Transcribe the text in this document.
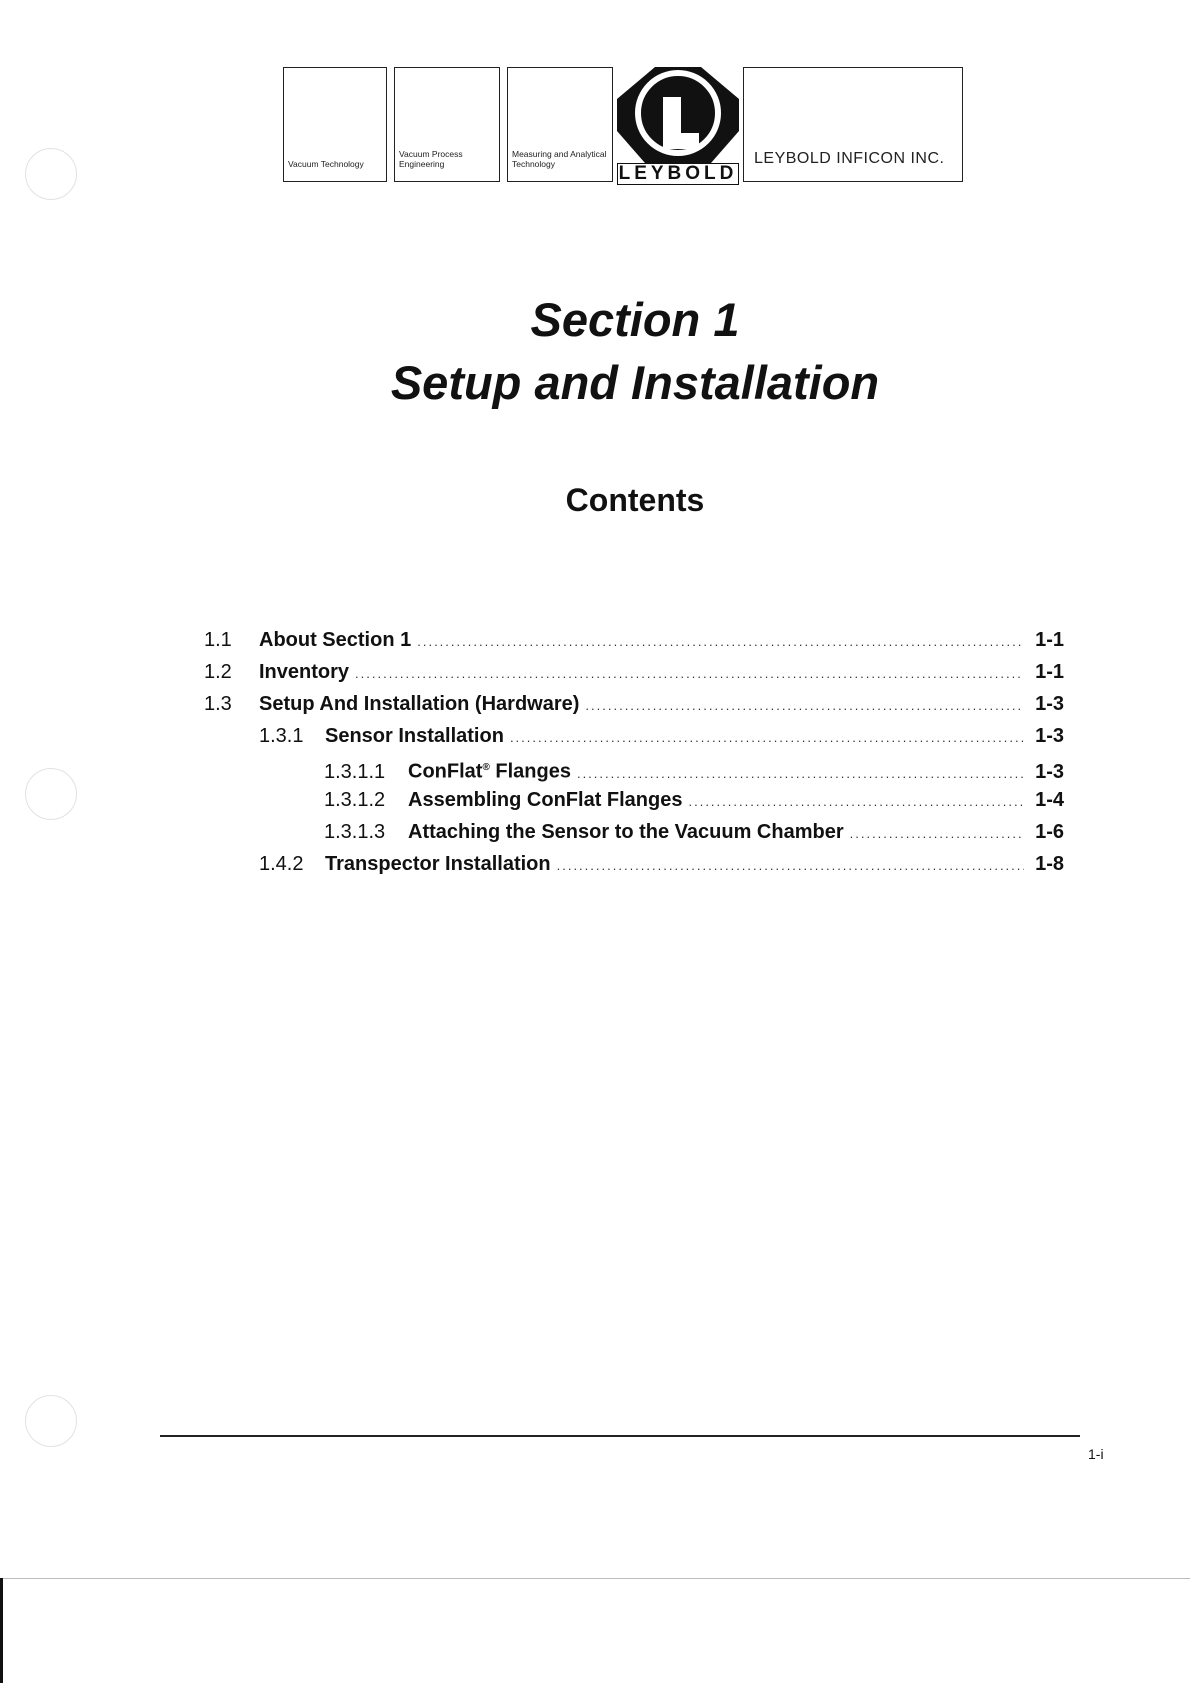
Vacuum Technology
Vacuum Process Engineering
Measuring and Analytical Technology	LEYBOLD
LEYBOLD INFICON INC.
Section 1
Setup and Installation
Contents
1.1	About Section 1 .....	1-1
1.2	Inventory .....	1-1
1.3	Setup And Installation (Hardware) .....	1-3
1.3.1	Sensor Installation .....	1-3
1.3.1.1	ConFlat® Flanges .....	1-3
1.3.1.2	Assembling ConFlat Flanges .....	1-4
1.3.1.3	Attaching the Sensor to the Vacuum Chamber .....	1-6
1.4.2	Transpector Installation .....	1-8
1-i
